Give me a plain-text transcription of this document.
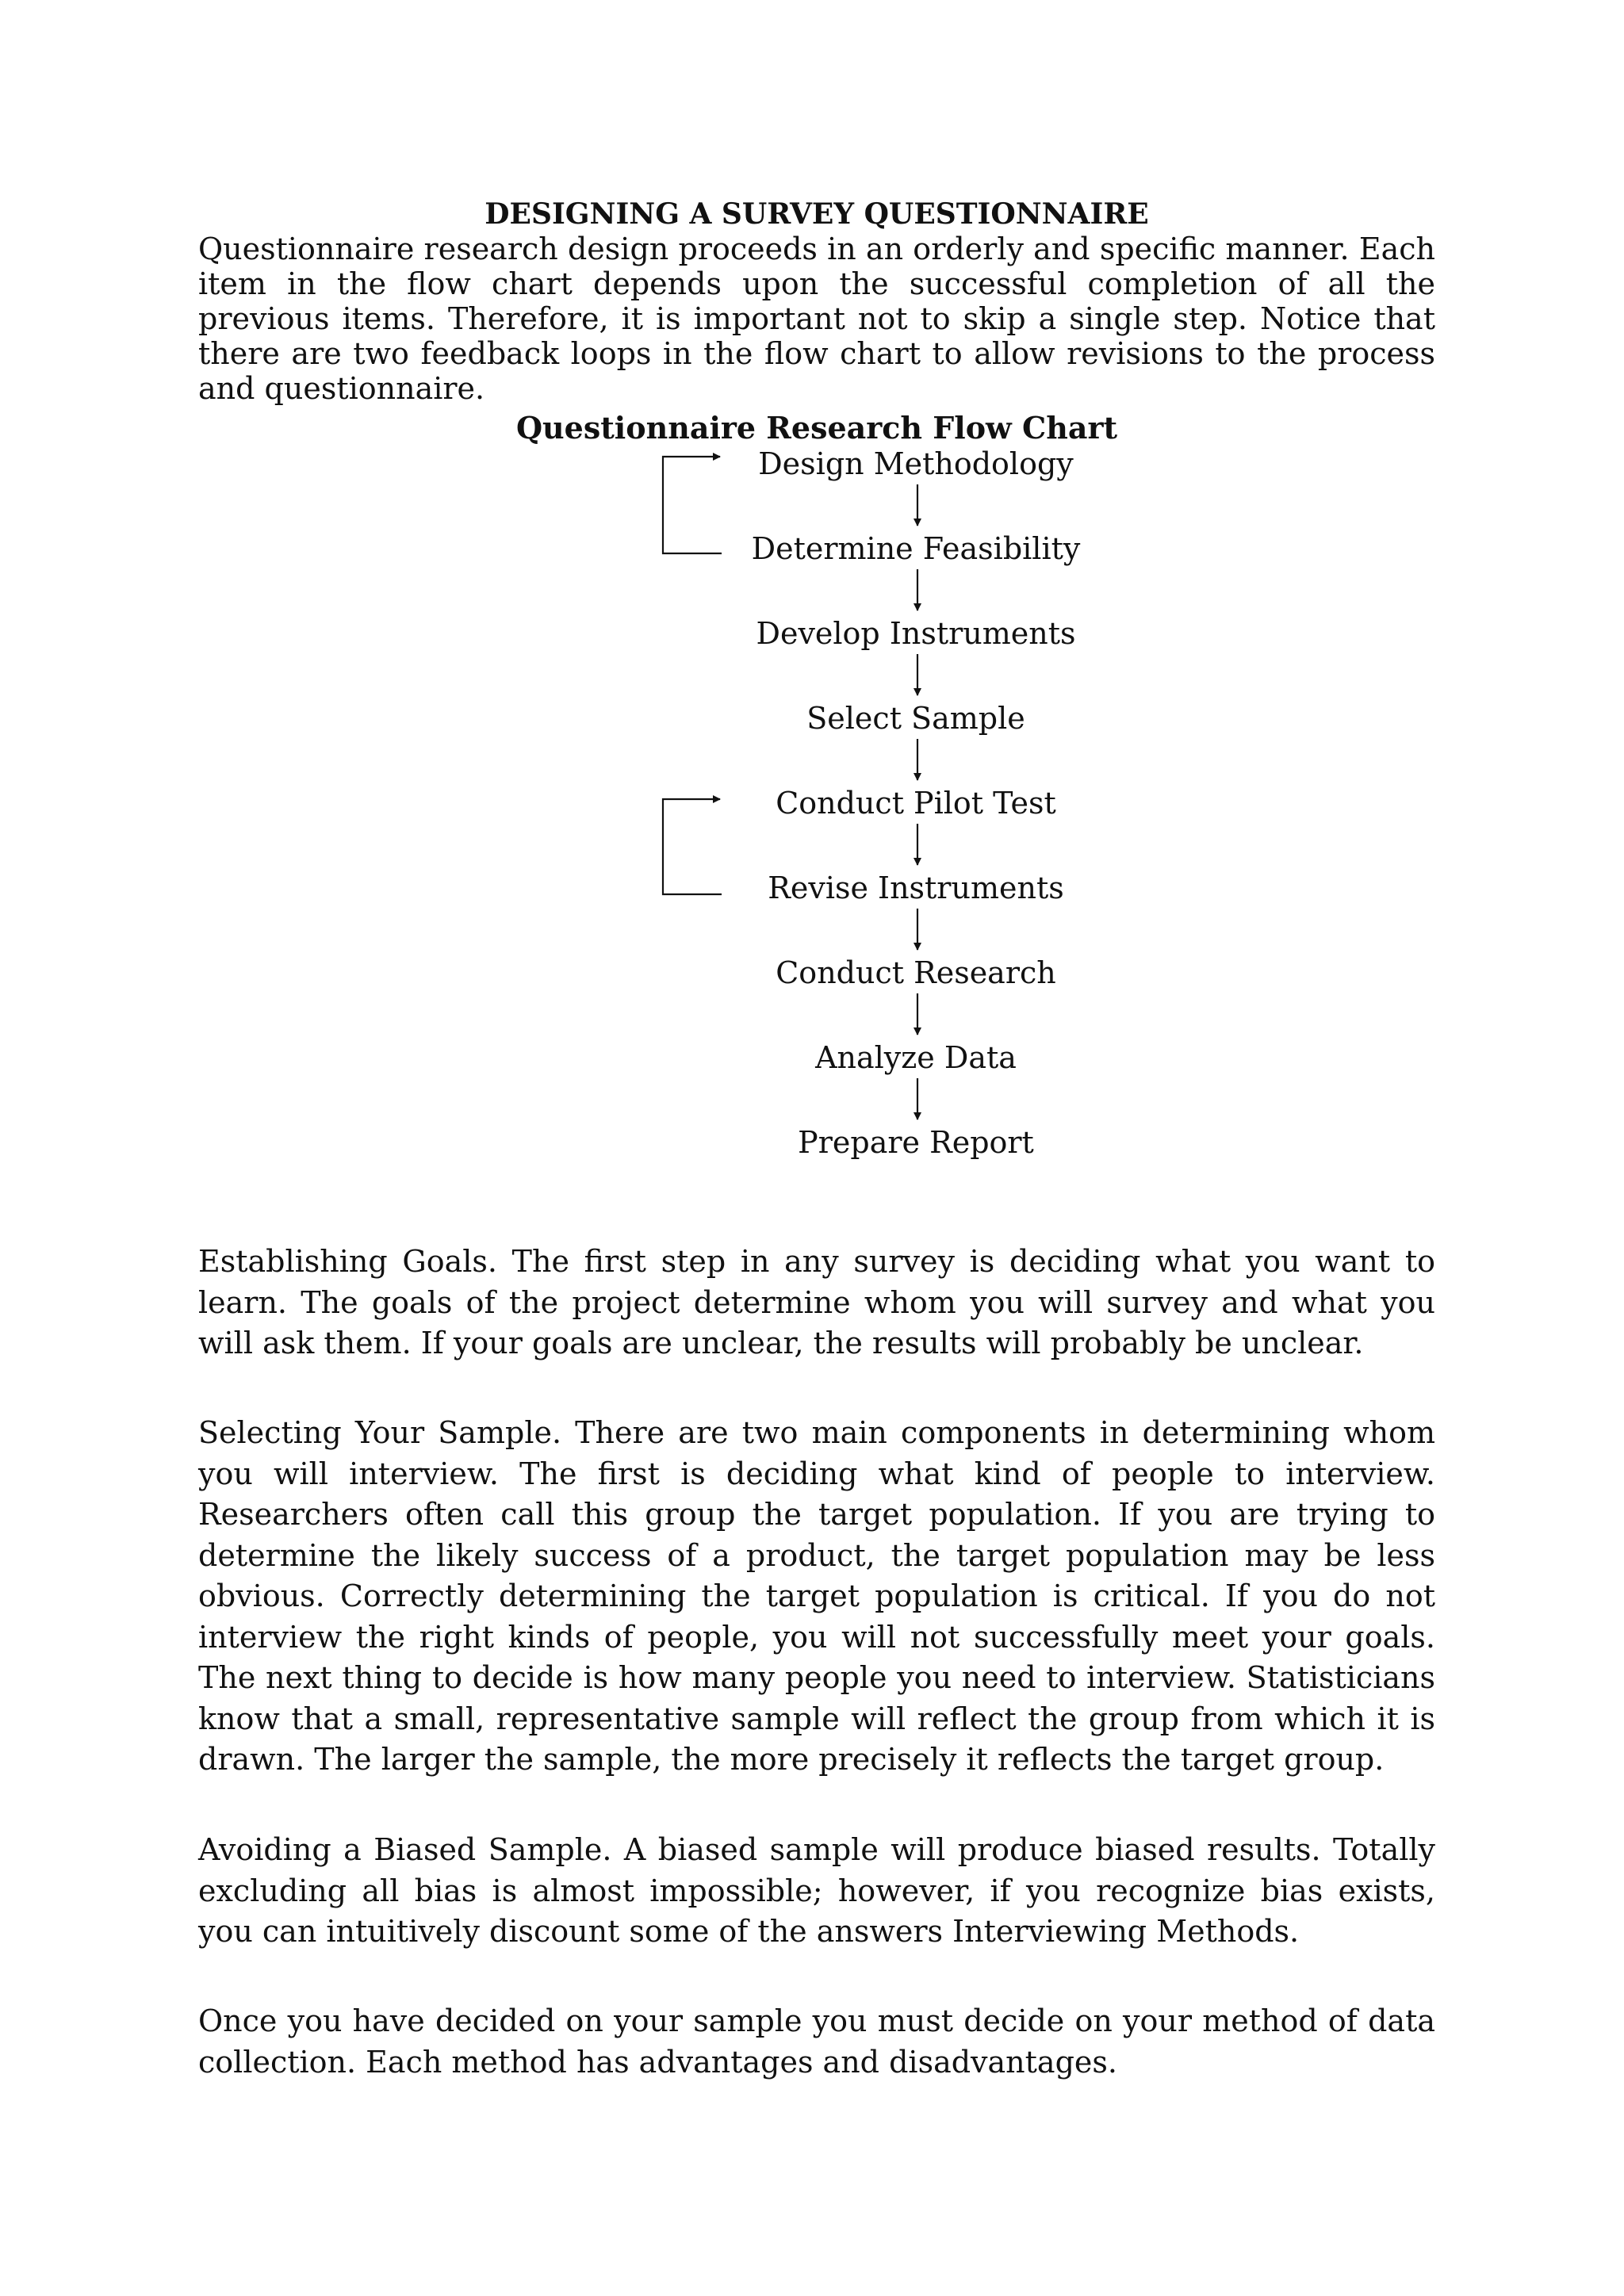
DESIGNING A SURVEY QUESTIONNAIRE

Questionnaire research design proceeds in an orderly and specific manner. Each item in the flow chart depends upon the successful completion of all the previous items. Therefore, it is important not to skip a single step. Notice that there are two feedback loops in the flow chart to allow revisions to the process and questionnaire.

Questionnaire Research Flow Chart
Design Methodology
Determine Feasibility
Develop Instruments
Select Sample
Conduct Pilot Test
Revise Instruments
Conduct Research
Analyze Data
Prepare Report

Establishing Goals. The first step in any survey is deciding what you want to learn. The goals of the project determine whom you will survey and what you will ask them. If your goals are unclear, the results will probably be unclear.

Selecting Your Sample. There are two main components in determining whom you will interview. The first is deciding what kind of people to interview. Researchers often call this group the target population. If you are trying to determine the likely success of a product, the target population may be less obvious. Correctly determining the target population is critical. If you do not interview the right kinds of people, you will not successfully meet your goals. The next thing to decide is how many people you need to interview. Statisticians know that a small, representative sample will reflect the group from which it is drawn. The larger the sample, the more precisely it reflects the target group.

Avoiding a Biased Sample. A biased sample will produce biased results. Totally excluding all bias is almost impossible; however, if you recognize bias exists, you can intuitively discount some of the answers Interviewing Methods.

Once you have decided on your sample you must decide on your method of data collection. Each method has advantages and disadvantages.
